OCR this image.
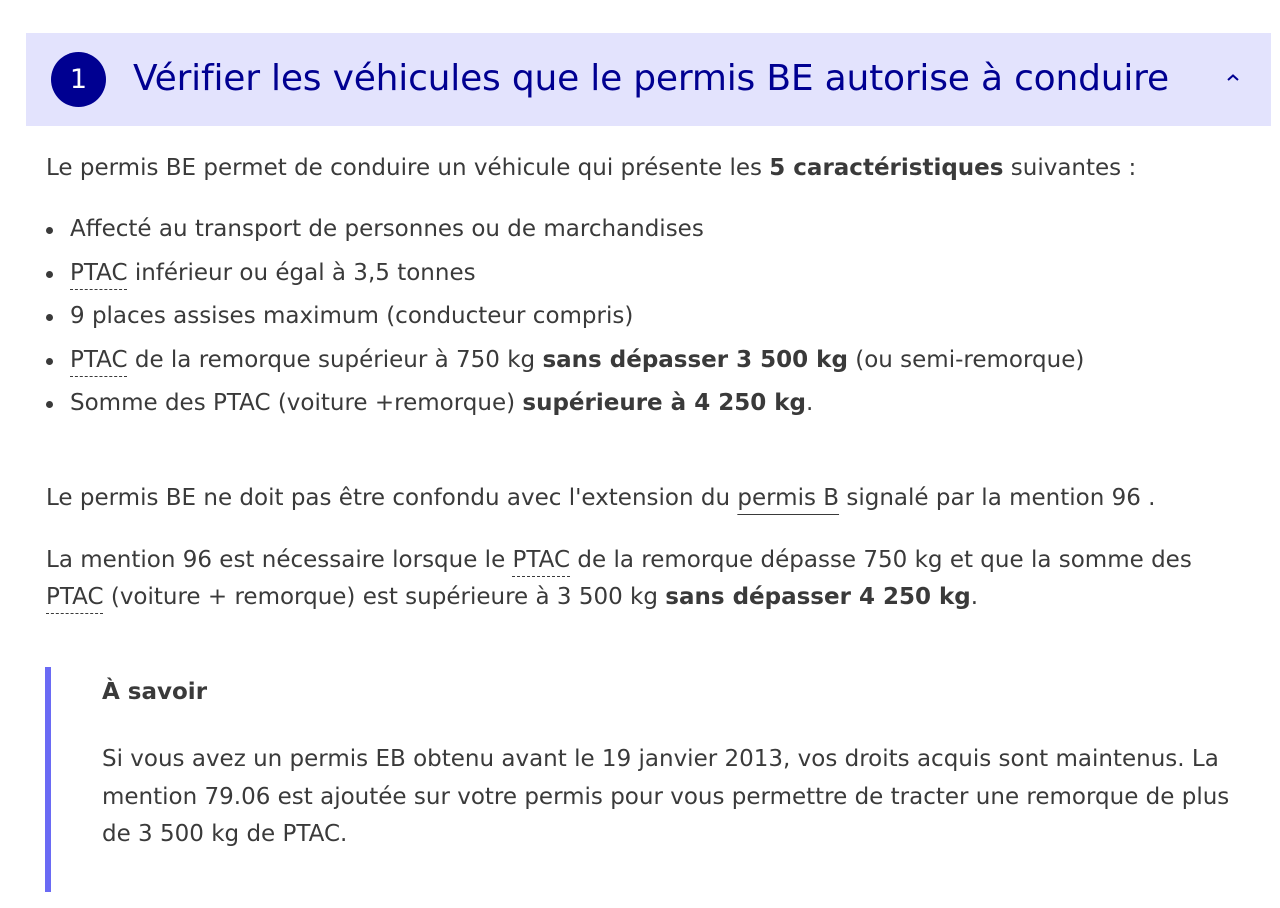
1	Vérifier les véhicules que le permis BE autorise à conduire
Le permis BE permet de conduire un véhicule qui présente les 5 caractéristiques suivantes :
Affecté au transport de personnes ou de marchandises
PTAC inférieur ou égal à 3,5 tonnes
9 places assises maximum (conducteur compris)
PTAC de la remorque supérieur à 750 kg sans dépasser 3 500 kg (ou semi-remorque)
Somme des PTAC (voiture +remorque) supérieure à 4 250 kg.
Le permis BE ne doit pas être confondu avec l'extension du permis B signalé par la mention 96 .
La mention 96 est nécessaire lorsque le PTAC de la remorque dépasse 750 kg et que la somme des PTAC (voiture + remorque) est supérieure à 3 500 kg sans dépasser 4 250 kg.
À savoir
Si vous avez un permis EB obtenu avant le 19 janvier 2013, vos droits acquis sont maintenus. La mention 79.06 est ajoutée sur votre permis pour vous permettre de tracter une remorque de plus de 3 500 kg de PTAC.
